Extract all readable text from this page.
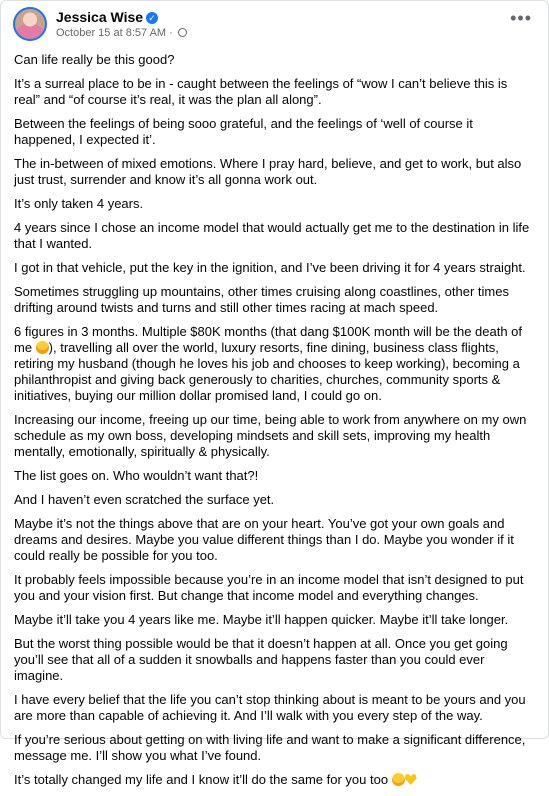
Jessica Wise ✓
October 15 at 8:57 AM ·
•••

Can life really be this good?

It’s a surreal place to be in - caught between the feelings of “wow I can’t believe this is real” and “of course it’s real, it was the plan all along”.

Between the feelings of being sooo grateful, and the feelings of ‘well of course it happened, I expected it’.

The in-between of mixed emotions. Where I pray hard, believe, and get to work, but also just trust, surrender and know it’s all gonna work out.

It’s only taken 4 years.

4 years since I chose an income model that would actually get me to the destination in life that I wanted.

I got in that vehicle, put the key in the ignition, and I’ve been driving it for 4 years straight.

Sometimes struggling up mountains, other times cruising along coastlines, other times drifting around twists and turns and still other times racing at mach speed.

6 figures in 3 months. Multiple $80K months (that dang $100K month will be the death of me ), travelling all over the world, luxury resorts, fine dining, business class flights, retiring my husband (though he loves his job and chooses to keep working), becoming a philanthropist and giving back generously to charities, churches, community sports & initiatives, buying our million dollar promised land, I could go on.

Increasing our income, freeing up our time, being able to work from anywhere on my own schedule as my own boss, developing mindsets and skill sets, improving my health mentally, emotionally, spiritually & physically.

The list goes on. Who wouldn’t want that?!

And I haven’t even scratched the surface yet.

Maybe it’s not the things above that are on your heart. You’ve got your own goals and dreams and desires. Maybe you value different things than I do. Maybe you wonder if it could really be possible for you too.

It probably feels impossible because you’re in an income model that isn’t designed to put you and your vision first. But change that income model and everything changes.

Maybe it’ll take you 4 years like me. Maybe it’ll happen quicker. Maybe it’ll take longer.

But the worst thing possible would be that it doesn’t happen at all. Once you get going you’ll see that all of a sudden it snowballs and happens faster than you could ever imagine.

I have every belief that the life you can’t stop thinking about is meant to be yours and you are more than capable of achieving it. And I’ll walk with you every step of the way.

If you’re serious about getting on with living life and want to make a significant difference, message me. I’ll show you what I’ve found.

It’s totally changed my life and I know it’ll do the same for you too
